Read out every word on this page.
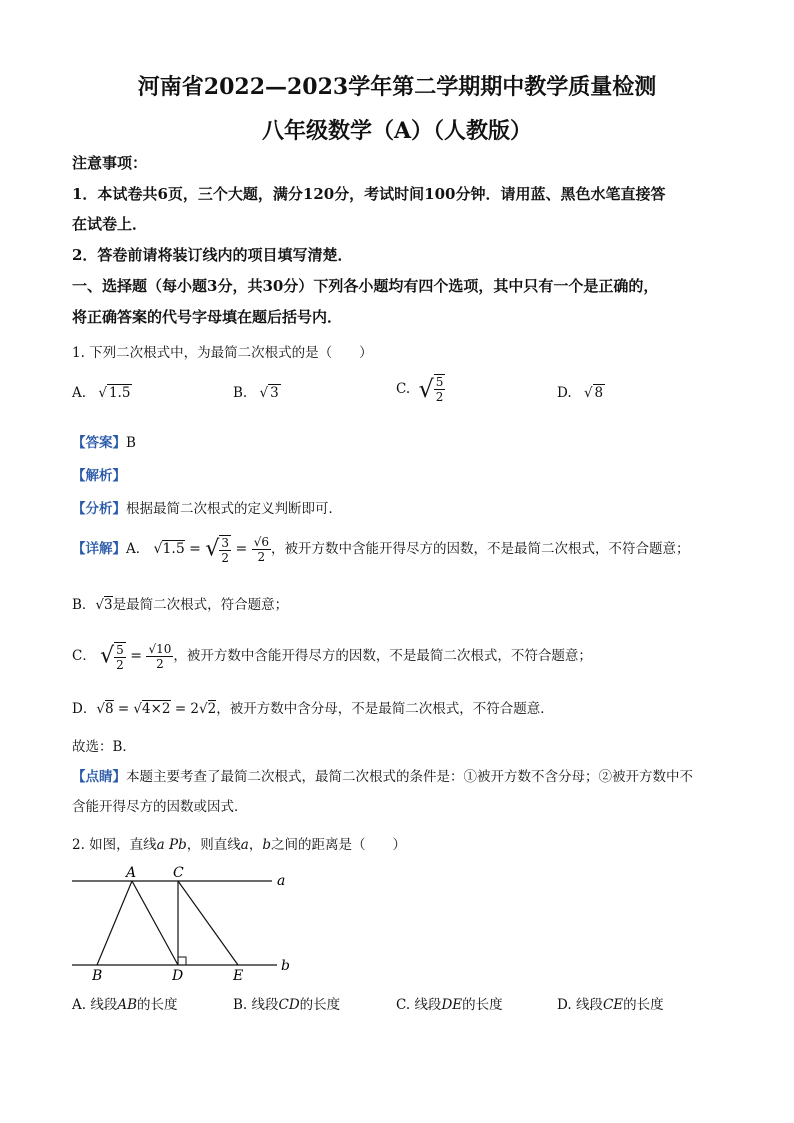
河南省2022—2023学年第二学期期中教学质量检测
八年级数学（A）（人教版）
注意事项：
1．本试卷共6页，三个大题，满分120分，考试时间100分钟．请用蓝、黑色水笔直接答
在试卷上．
2．答卷前请将装订线内的项目填写清楚．
一、选择题（每小题3分，共30分）下列各小题均有四个选项，其中只有一个是正确的，
将正确答案的代号字母填在题后括号内．
1. 下列二次根式中，为最简二次根式的是（　　）
A. √ 1.5	B. √ 3	C. √ $\frac{5}{2}$	D. √ 8
【答案】B
【解析】
【分析】根据最简二次根式的定义判断即可．
【详解】A． √1.5 = √ $\frac{3}{2} = \frac{√6}{2}$ ，被开方数中含能开得尽方的因数，不是最简二次根式，不符合题意；
B．√3是最简二次根式，符合题意；
C． √ $\frac{5}{2} = \frac{√10}{2}$ ，被开方数中含能开得尽方的因数，不是最简二次根式，不符合题意；
D．√8 = √4×2 = 2√2，被开方数中含分母，不是最简二次根式，不符合题意．
故选：B．
【点睛】本题主要考查了最简二次根式，最简二次根式的条件是：①被开方数不含分母；②被开方数中不
含能开得尽方的因数或因式．
2. 如图，直线a Pb，则直线a，b之间的距离是（　　）
A	C	a
B	D	E
b
A. 线段AB的长度	B. 线段CD的长度	C. 线段DE的长度	D. 线段CE的长度
